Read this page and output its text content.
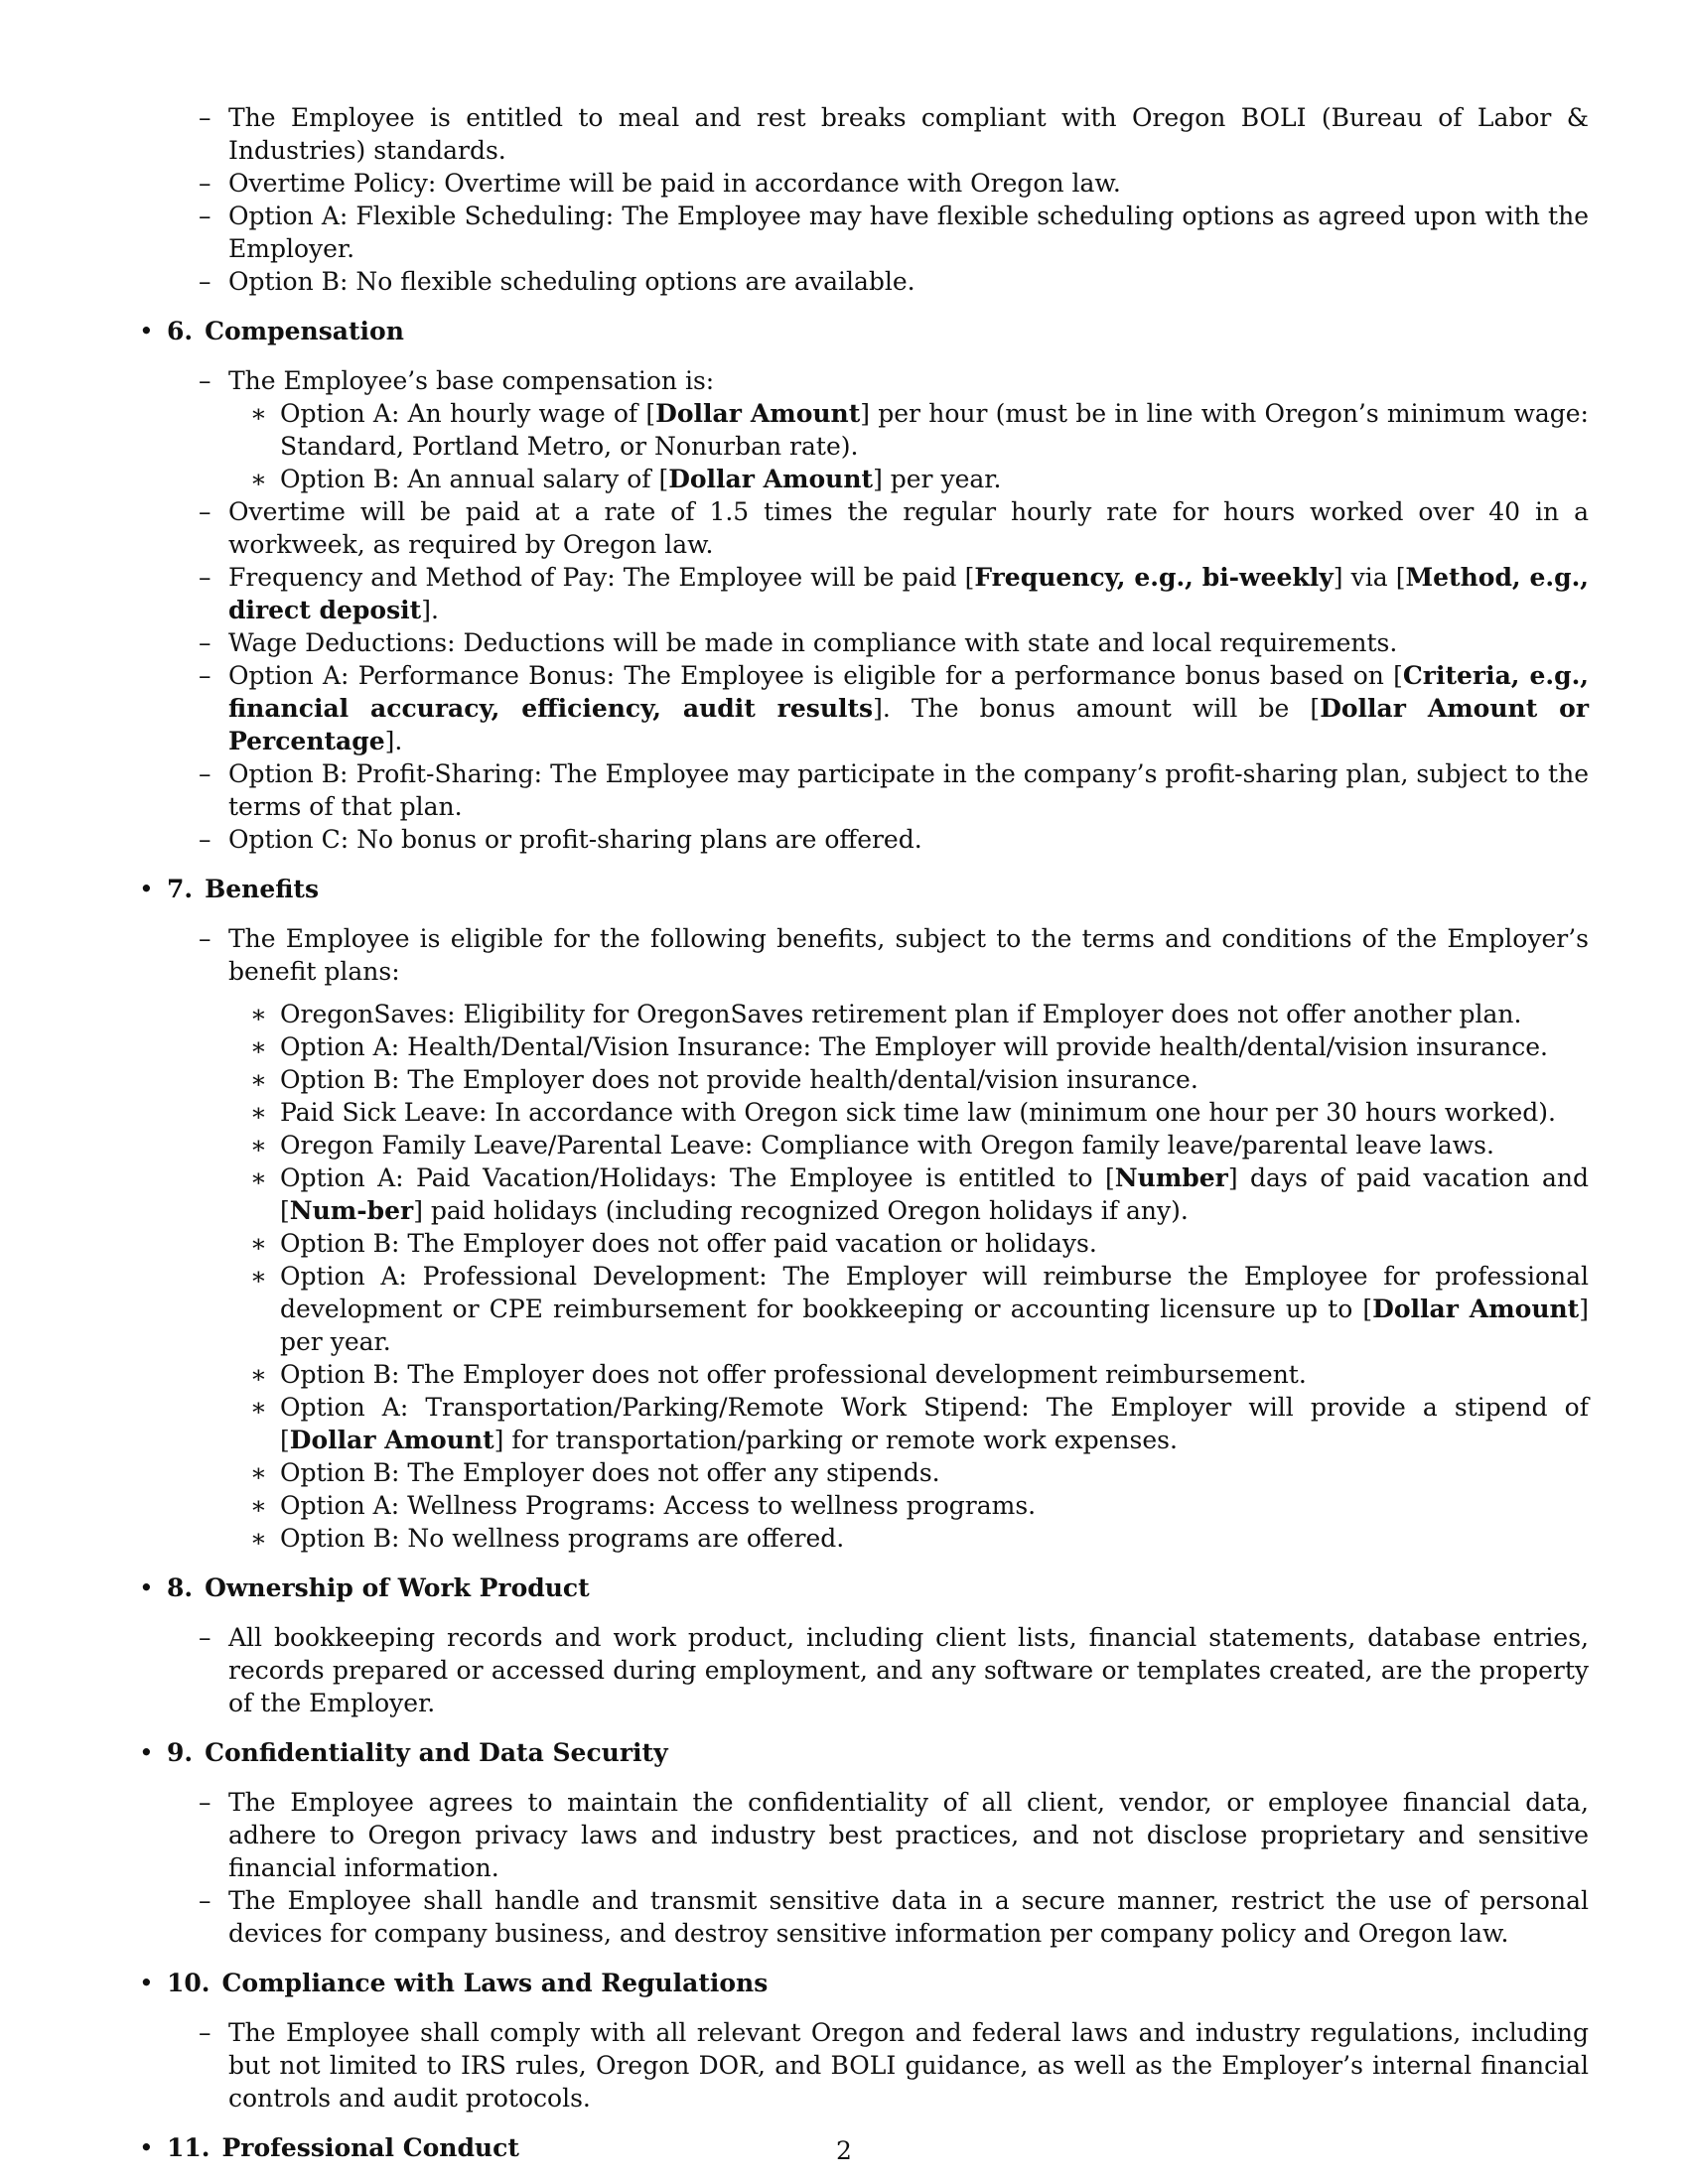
– The Employee is entitled to meal and rest breaks compliant with Oregon BOLI (Bureau of Labor & Industries) standards.
– Overtime Policy: Overtime will be paid in accordance with Oregon law.
– Option A: Flexible Scheduling: The Employee may have flexible scheduling options as agreed upon with the Employer.
– Option B: No flexible scheduling options are available.
• 6. Compensation
– The Employee’s base compensation is:
∗ Option A: An hourly wage of [Dollar Amount] per hour (must be in line with Oregon’s minimum wage: Standard, Portland Metro, or Nonurban rate).
∗ Option B: An annual salary of [Dollar Amount] per year.
– Overtime will be paid at a rate of 1.5 times the regular hourly rate for hours worked over 40 in a workweek, as required by Oregon law.
– Frequency and Method of Pay: The Employee will be paid [Frequency, e.g., bi-weekly] via [Method, e.g., direct deposit].
– Wage Deductions: Deductions will be made in compliance with state and local requirements.
– Option A: Performance Bonus: The Employee is eligible for a performance bonus based on [Criteria, e.g., financial accuracy, efficiency, audit results]. The bonus amount will be [Dollar Amount or Percentage].
– Option B: Profit-Sharing: The Employee may participate in the company’s profit-sharing plan, subject to the terms of that plan.
– Option C: No bonus or profit-sharing plans are offered.
• 7. Benefits
– The Employee is eligible for the following benefits, subject to the terms and conditions of the Employer’s benefit plans:
∗ OregonSaves: Eligibility for OregonSaves retirement plan if Employer does not offer another plan.
∗ Option A: Health/Dental/Vision Insurance: The Employer will provide health/dental/vision insurance.
∗ Option B: The Employer does not provide health/dental/vision insurance.
∗ Paid Sick Leave: In accordance with Oregon sick time law (minimum one hour per 30 hours worked).
∗ Oregon Family Leave/Parental Leave: Compliance with Oregon family leave/parental leave laws.
∗ Option A: Paid Vacation/Holidays: The Employee is entitled to [Number] days of paid vacation and [Num-ber] paid holidays (including recognized Oregon holidays if any).
∗ Option B: The Employer does not offer paid vacation or holidays.
∗ Option A: Professional Development: The Employer will reimburse the Employee for professional development or CPE reimbursement for bookkeeping or accounting licensure up to [Dollar Amount] per year.
∗ Option B: The Employer does not offer professional development reimbursement.
∗ Option A: Transportation/Parking/Remote Work Stipend: The Employer will provide a stipend of [Dollar Amount] for transportation/parking or remote work expenses.
∗ Option B: The Employer does not offer any stipends.
∗ Option A: Wellness Programs: Access to wellness programs.
∗ Option B: No wellness programs are offered.
• 8. Ownership of Work Product
– All bookkeeping records and work product, including client lists, financial statements, database entries, records prepared or accessed during employment, and any software or templates created, are the property of the Employer.
• 9. Confidentiality and Data Security
– The Employee agrees to maintain the confidentiality of all client, vendor, or employee financial data, adhere to Oregon privacy laws and industry best practices, and not disclose proprietary and sensitive financial information.
– The Employee shall handle and transmit sensitive data in a secure manner, restrict the use of personal devices for company business, and destroy sensitive information per company policy and Oregon law.
• 10. Compliance with Laws and Regulations
– The Employee shall comply with all relevant Oregon and federal laws and industry regulations, including but not limited to IRS rules, Oregon DOR, and BOLI guidance, as well as the Employer’s internal financial controls and audit protocols.
• 11. Professional Conduct	2
